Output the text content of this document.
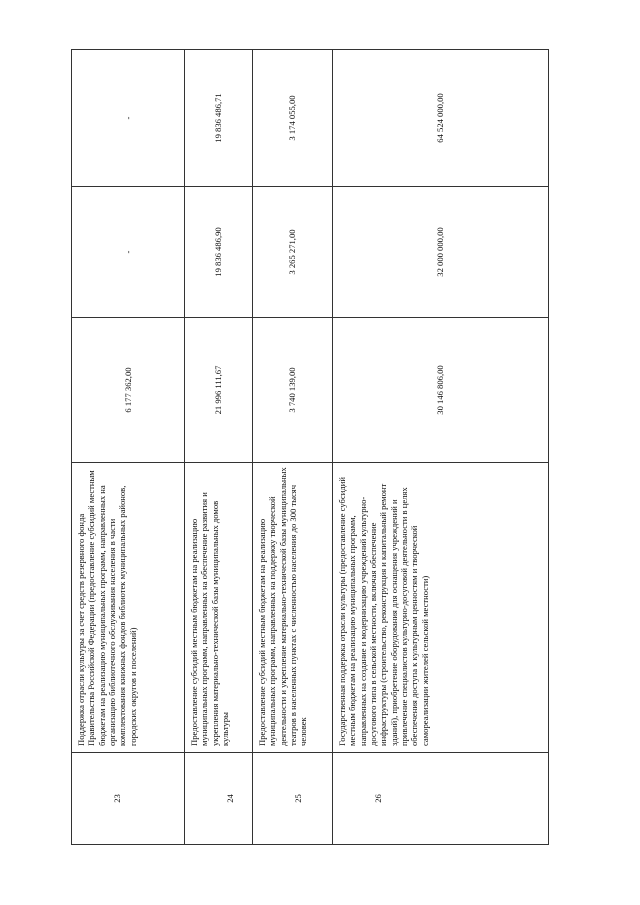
23	Поддержка отрасли культуры за счет средств резервного фонда Правительства Российской Федерации (предоставление субсидий местным бюджетам на реализацию муниципальных программ, направленных на организацию библиотечного обслуживания населения в части комплектования книжных фондов библиотек муниципальных районов, городских округов и поселений)	6 177 362,00	-	-
24	Предоставление субсидий местным бюджетам на реализацию муниципальных программ, направленных на обеспечение развития и укрепления материально-технической базы муниципальных домов культуры	21 996 111,67	19 836 486,90	19 836 486,71
25	Предоставление субсидий местным бюджетам на реализацию муниципальных программ, направленных на поддержку творческой деятельности и укрепление материально-технической базы муниципальных театров в населенных пунктах с численностью населения до 300 тысяч человек	3 740 139,00	3 265 271,00	3 174 055,00
26	Государственная поддержка отрасли культуры (предоставление субсидий местным бюджетам на реализацию муниципальных программ, направленных на создание и модернизацию учреждений культурно-досугового типа в сельской местности, включая обеспечение инфраструктуры (строительство, реконструкция и капитальный ремонт зданий), приобретение оборудования для оснащения учреждений и привлечение специалистов культурно-досуговой деятельности в целях обеспечения доступа к культурным ценностям и творческой самореализации жителей сельской местности)	30 146 806,00	32 000 000,00	64 524 000,00
